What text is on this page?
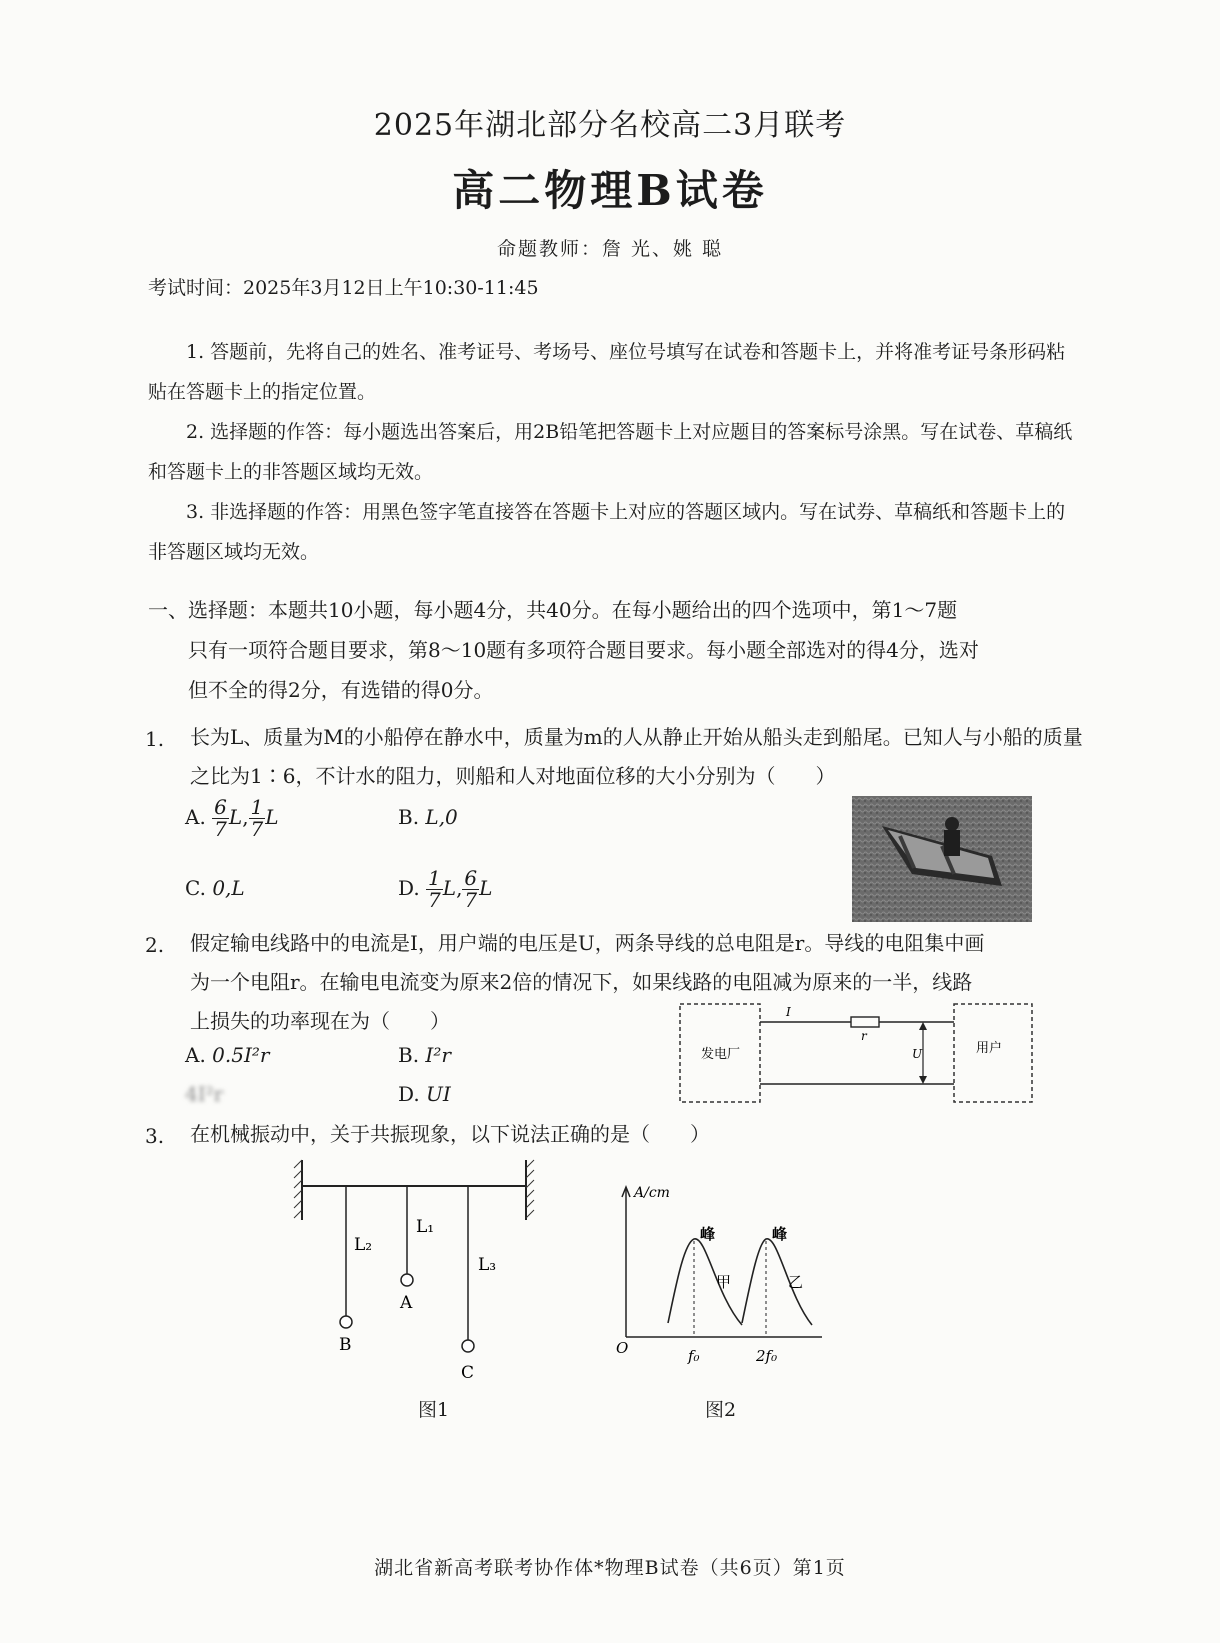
2025年湖北部分名校高二3月联考
高二物理B试卷
命题教师：詹 光、姚 聪
考试时间：2025年3月12日上午10:30-11:45
1. 答题前，先将自己的姓名、准考证号、考场号、座位号填写在试卷和答题卡上，并将准考证号条形码粘贴在答题卡上的指定位置。
2. 选择题的作答：每小题选出答案后，用2B铅笔把答题卡上对应题目的答案标号涂黑。写在试卷、草稿纸和答题卡上的非答题区域均无效。
3. 非选择题的作答：用黑色签字笔直接答在答题卡上对应的答题区域内。写在试券、草稿纸和答题卡上的非答题区域均无效。
一、选择题：本题共10小题，每小题4分，共40分。在每小题给出的四个选项中，第1～7题
只有一项符合题目要求，第8～10题有多项符合题目要求。每小题全部选对的得4分，选对
但不全的得2分，有选错的得0分。
1. 长为L、质量为M的小船停在静水中，质量为m的人从静止开始从船头走到船尾。已知人与小船的质量之比为1∶6，不计水的阻力，则船和人对地面位移的大小分别为（　　）
A. $\frac{6}{7} L$, $\frac{1}{7}$ L	B. L,0
C. 0,L	D. $\frac{1}{7} L$, $\frac{6}{7}$ L
2. 假定输电线路中的电流是I，用户端的电压是U，两条导线的总电阻是r。导线的电阻集中画
为一个电阻r。在输电电流变为原来2倍的情况下，如果线路的电阻减为原来的一半，线路
上损失的功率现在为（　　）
A. 0.5I²r	B. I²r
4I²r	D. UI
发电厂	用户
I
r
U
3. 在机械振动中，关于共振现象，以下说法正确的是（　　）
L₂
L₁
L₃
A
B
C
图1
A/cm
O	f₀	2f₀
峰	峰
甲	乙
图2
湖北省新高考联考协作体*物理B试卷（共6页）第1页
